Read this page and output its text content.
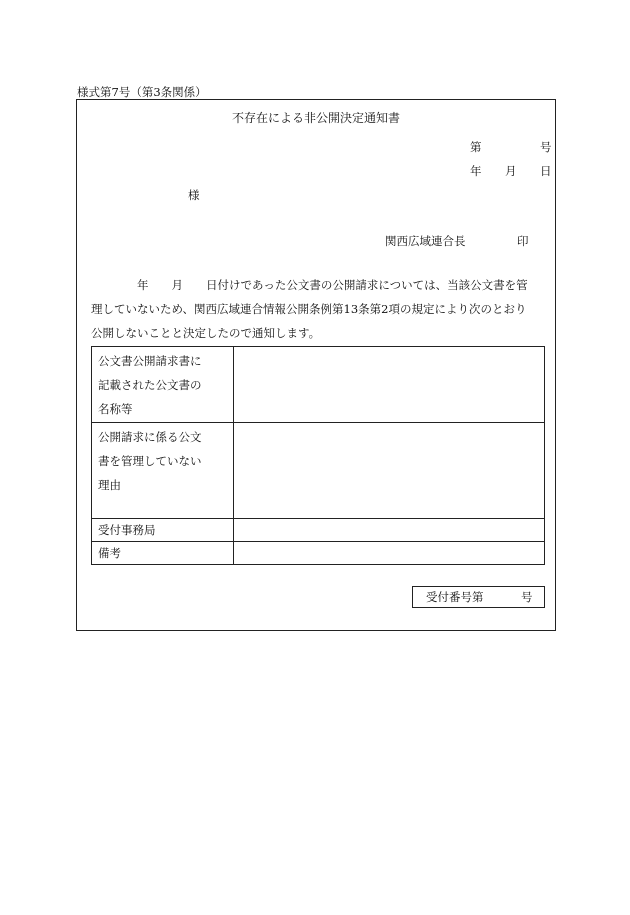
様式第7号（第3条関係）
不存在による非公開決定通知書
第	号
年 月 日
様
関西広域連合長	印

　　　　年　　月　　日付けであった公文書の公開請求については、当該公文書を管

理していないため、関西広域連合情報公開条例第13条第2項の規定により次のとおり

公開しないことと決定したので通知します。

公文書公開請求書に
記載された公文書の
名称等	

公開請求に係る公文
書を管理していない
理由	

受付事務局	
備考	
受付番号第	号
